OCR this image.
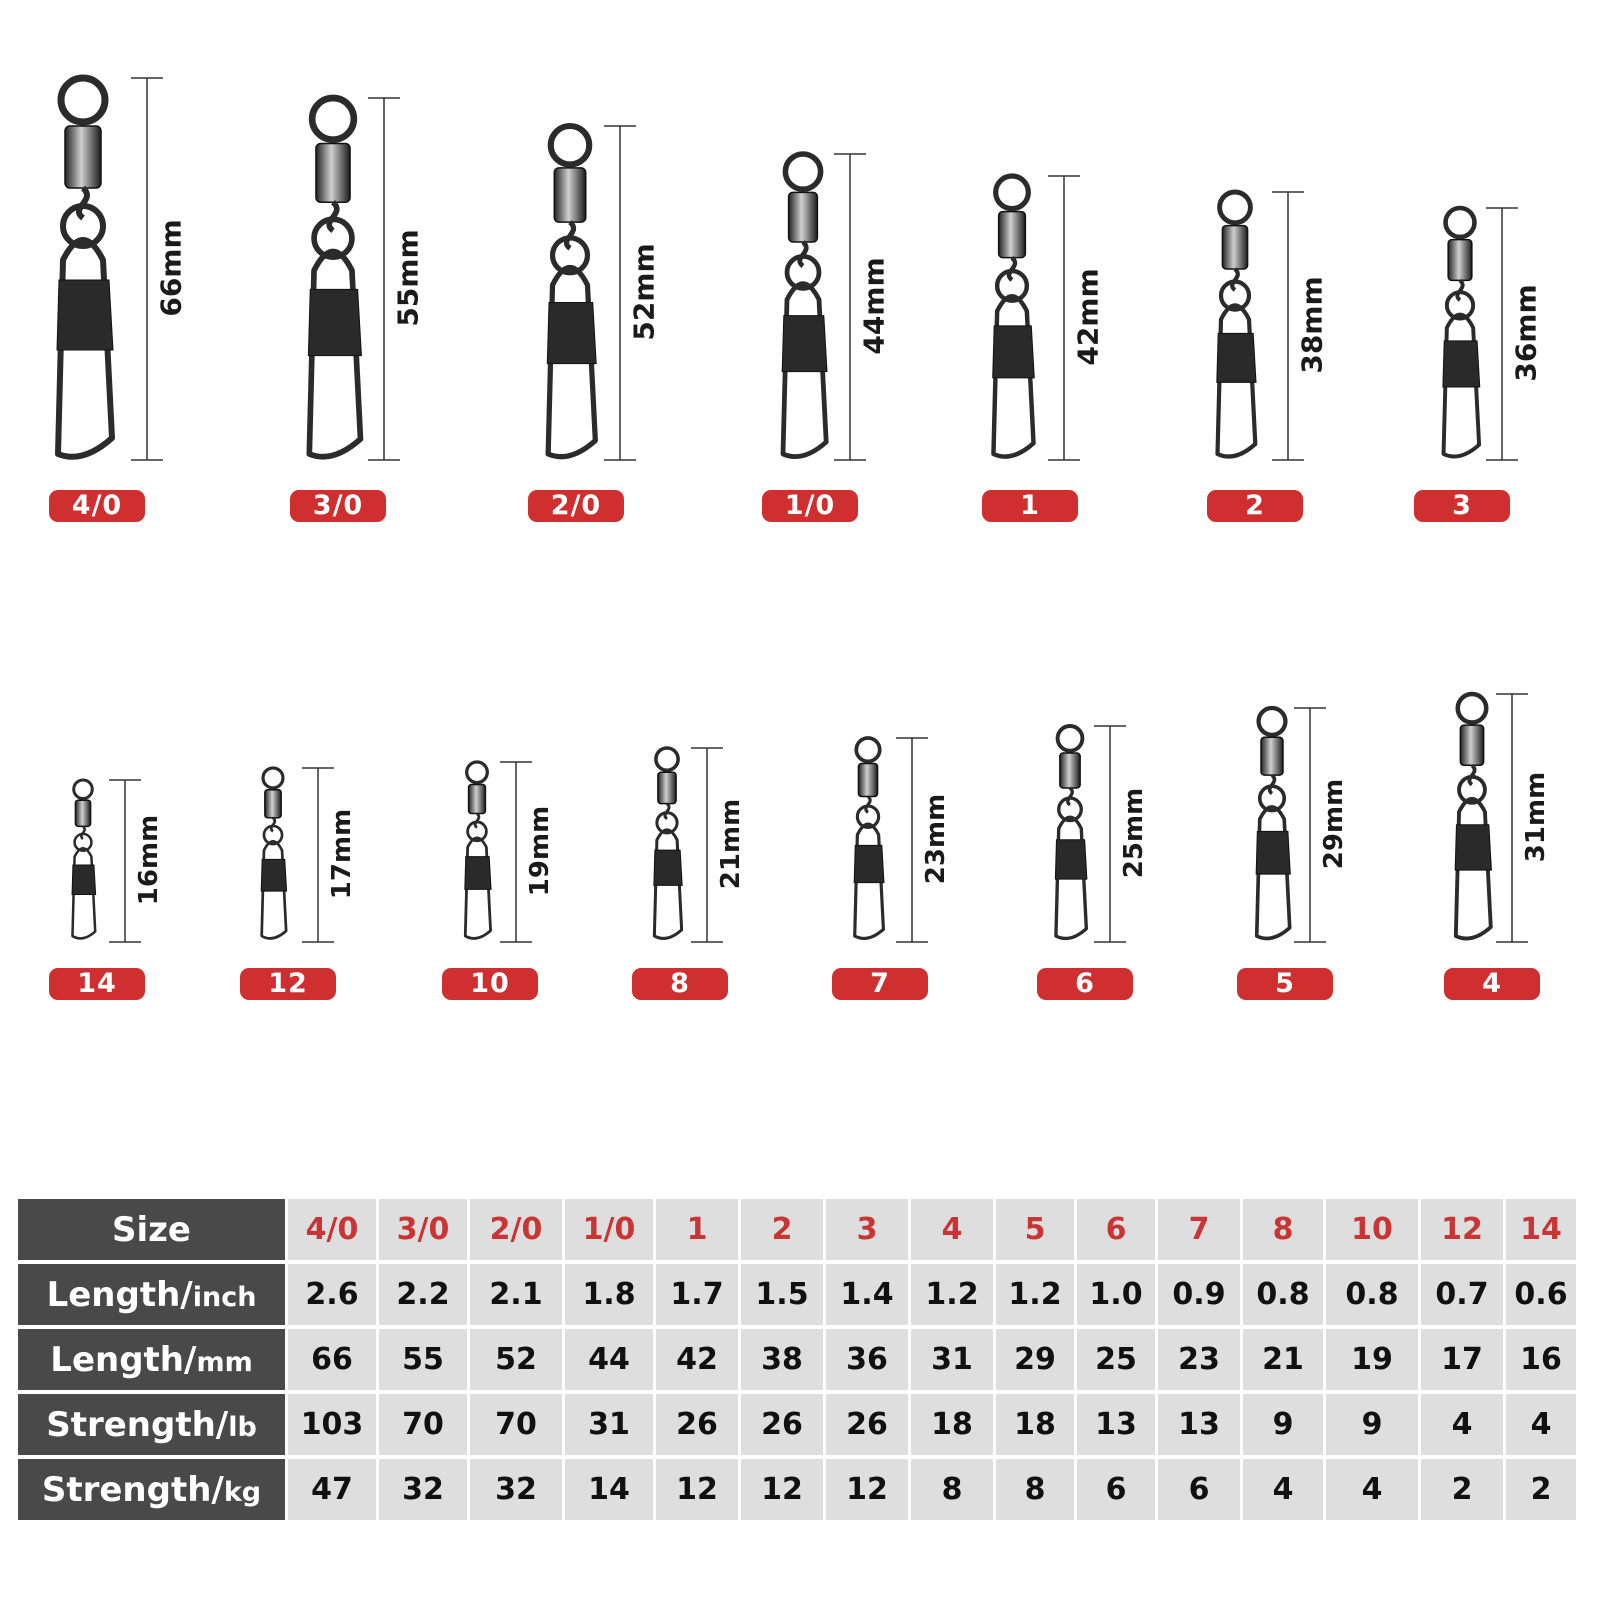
66mm
4/0
55mm
3/0
52mm
2/0
44mm
1/0
42mm
1
38mm
2
36mm
3
16mm
14
17mm
12
19mm
10
21mm
8
23mm
7
25mm
6
29mm
5
31mm
4
Size	4/0	3/0	2/0	1/0	1	2	3	4	5	6	7	8	10	12	14
Length/inch	2.6	2.2	2.1	1.8	1.7	1.5	1.4	1.2	1.2	1.0	0.9	0.8	0.8	0.7	0.6
Length/mm	66	55	52	44	42	38	36	31	29	25	23	21	19	17	16
Strength/lb	103	70	70	31	26	26	26	18	18	13	13	9	9	4	4
Strength/kg	47	32	32	14	12	12	12	8	8	6	6	4	4	2	2
